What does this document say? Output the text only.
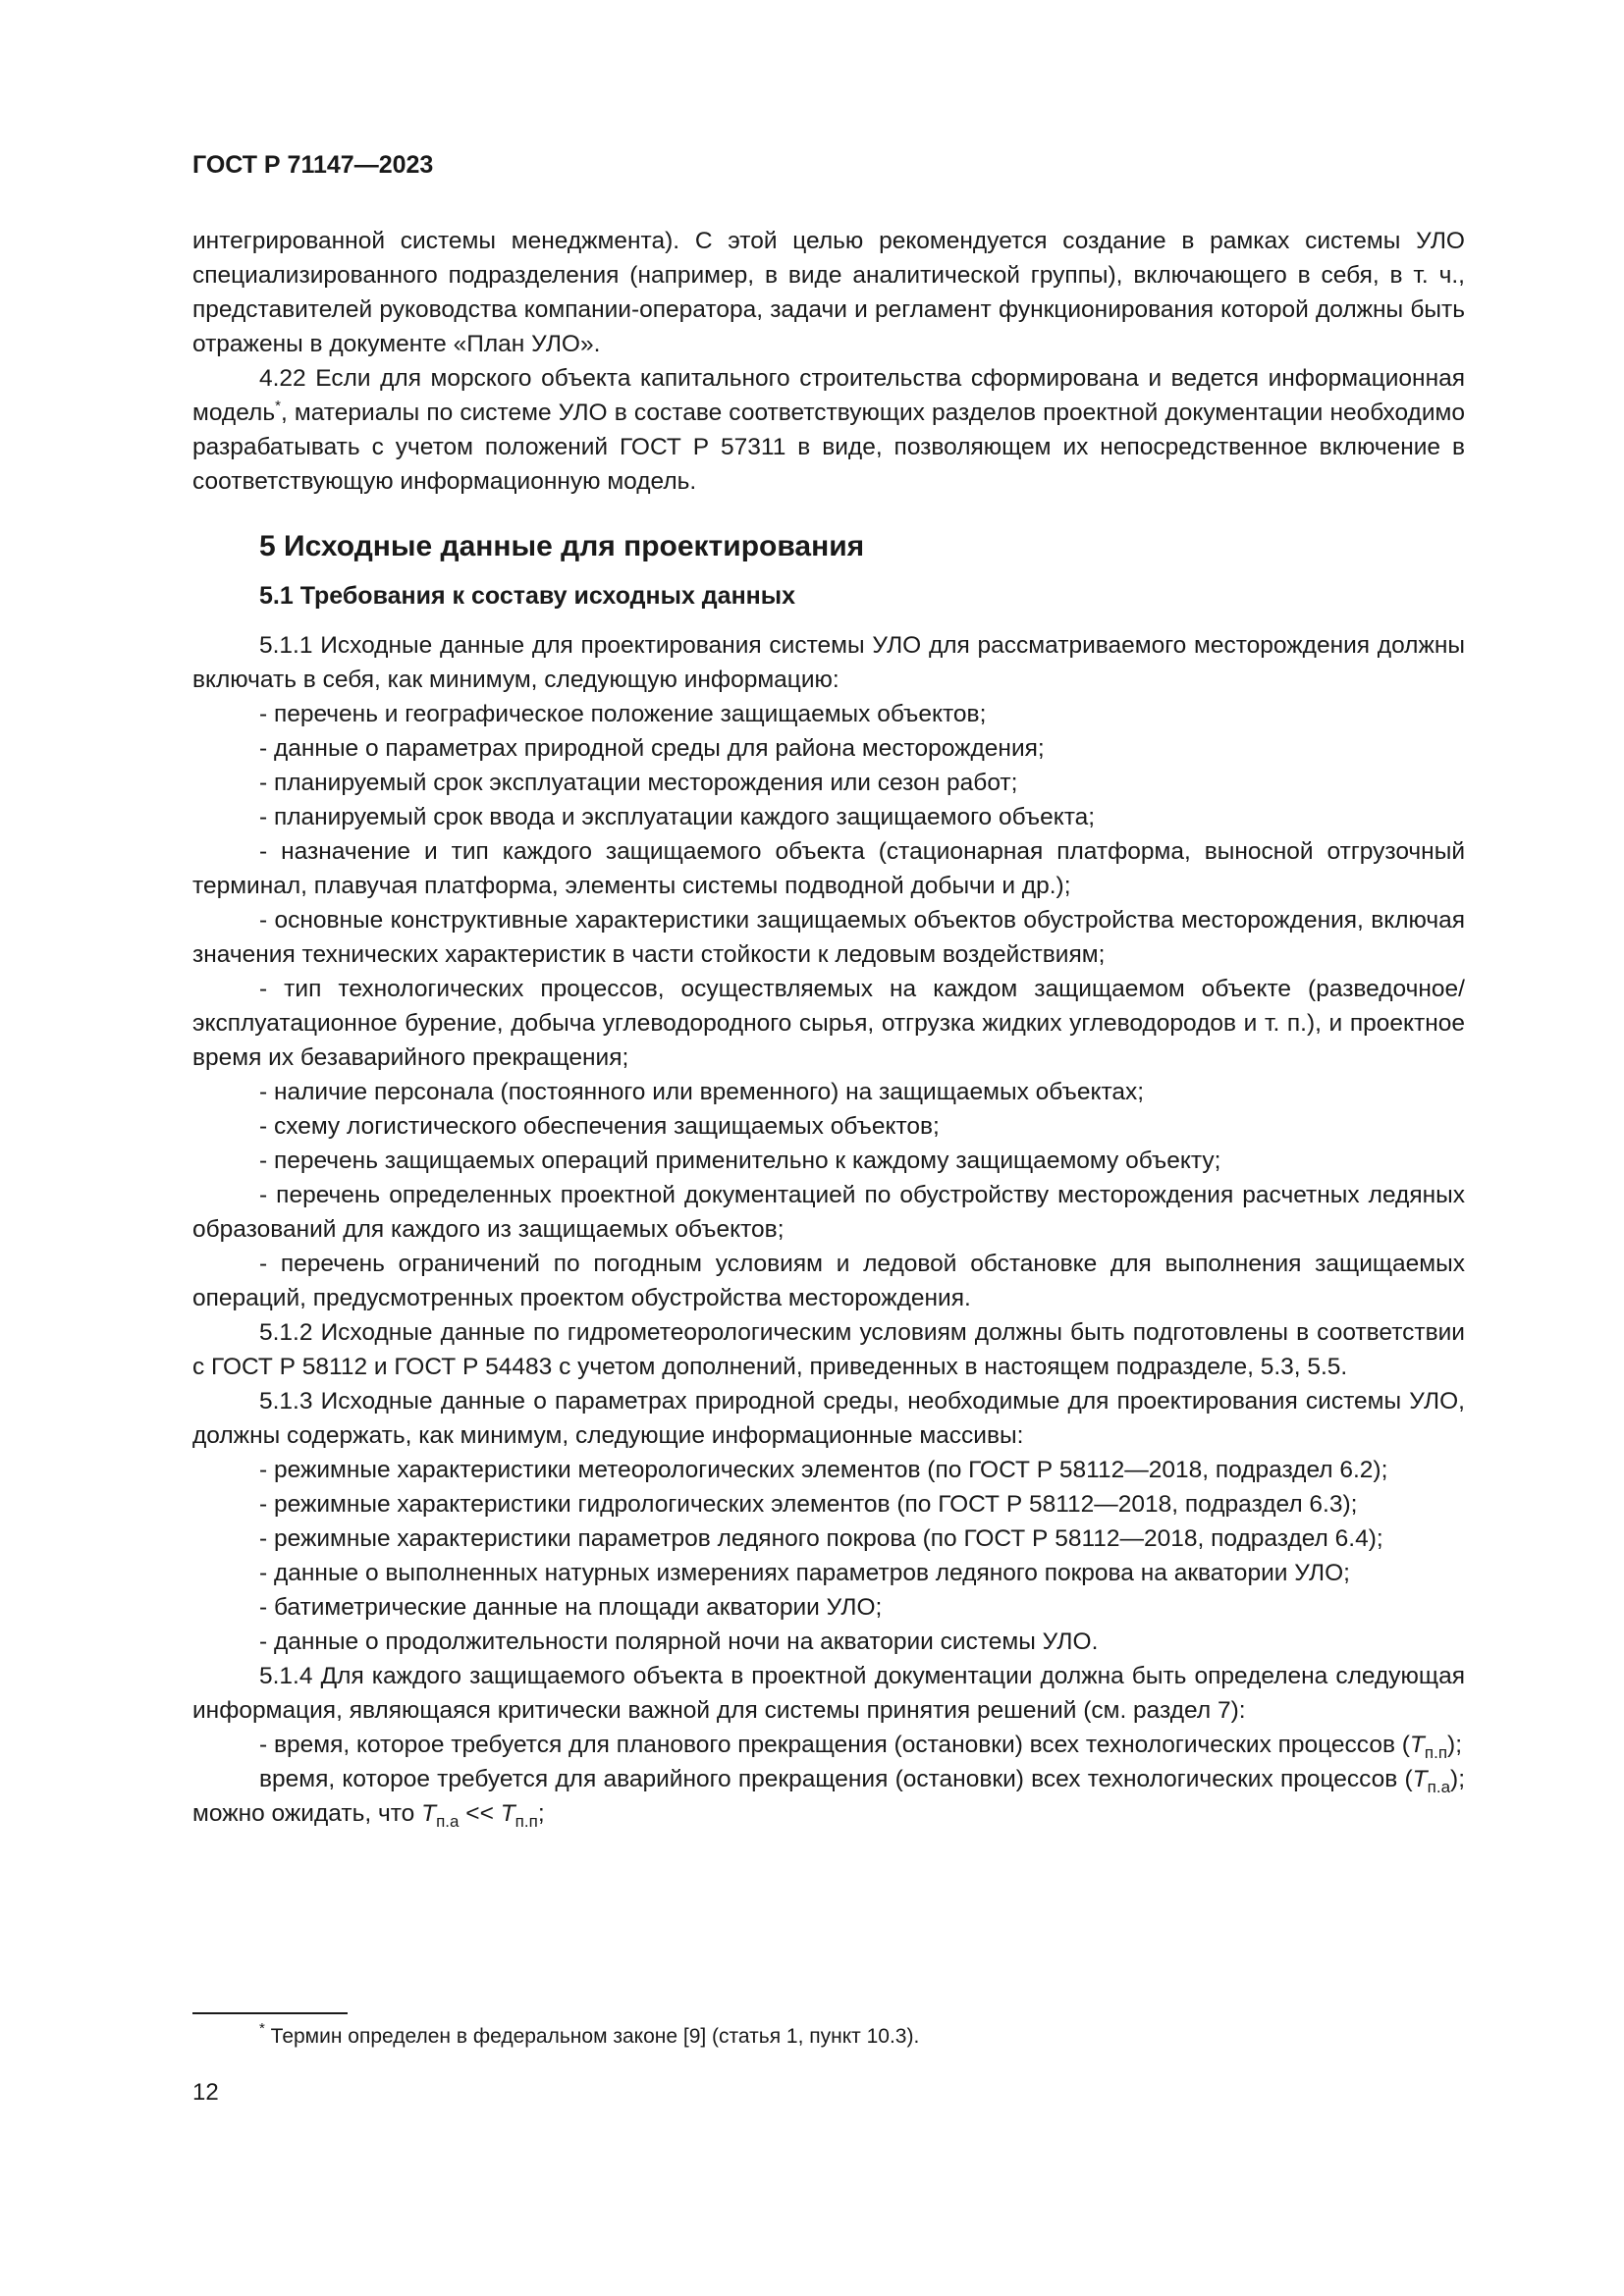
ГОСТ Р 71147—2023

интегрированной системы менеджмента). С этой целью рекомендуется создание в рамках системы УЛО специализированного подразделения (например, в виде аналитической группы), включающего в себя, в т. ч., представителей руководства компании-оператора, задачи и регламент функционирования которой должны быть отражены в документе «План УЛО».

4.22 Если для морского объекта капитального строительства сформирована и ведется информационная модель*, материалы по системе УЛО в составе соответствующих разделов проектной документации необходимо разрабатывать с учетом положений ГОСТ Р 57311 в виде, позволяющем их непосредственное включение в соответствующую информационную модель.

5 Исходные данные для проектирования
5.1 Требования к составу исходных данных

5.1.1 Исходные данные для проектирования системы УЛО для рассматриваемого месторождения должны включать в себя, как минимум, следующую информацию:

- перечень и географическое положение защищаемых объектов;

- данные о параметрах природной среды для района месторождения;

- планируемый срок эксплуатации месторождения или сезон работ;

- планируемый срок ввода и эксплуатации каждого защищаемого объекта;

- назначение и тип каждого защищаемого объекта (стационарная платформа, выносной отгрузочный терминал, плавучая платформа, элементы системы подводной добычи и др.);

- основные конструктивные характеристики защищаемых объектов обустройства месторождения, включая значения технических характеристик в части стойкости к ледовым воздействиям;

- тип технологических процессов, осуществляемых на каждом защищаемом объекте (разведочное/эксплуатационное бурение, добыча углеводородного сырья, отгрузка жидких углеводородов и т. п.), и проектное время их безаварийного прекращения;

- наличие персонала (постоянного или временного) на защищаемых объектах;

- схему логистического обеспечения защищаемых объектов;

- перечень защищаемых операций применительно к каждому защищаемому объекту;

- перечень определенных проектной документацией по обустройству месторождения расчетных ледяных образований для каждого из защищаемых объектов;

- перечень ограничений по погодным условиям и ледовой обстановке для выполнения защищаемых операций, предусмотренных проектом обустройства месторождения.

5.1.2 Исходные данные по гидрометеорологическим условиям должны быть подготовлены в соответствии с ГОСТ Р 58112 и ГОСТ Р 54483 с учетом дополнений, приведенных в настоящем подразделе, 5.3, 5.5.

5.1.3 Исходные данные о параметрах природной среды, необходимые для проектирования системы УЛО, должны содержать, как минимум, следующие информационные массивы:

- режимные характеристики метеорологических элементов (по ГОСТ Р 58112—2018, подраздел 6.2);

- режимные характеристики гидрологических элементов (по ГОСТ Р 58112—2018, подраздел 6.3);

- режимные характеристики параметров ледяного покрова (по ГОСТ Р 58112—2018, подраздел 6.4);

- данные о выполненных натурных измерениях параметров ледяного покрова на акватории УЛО;

- батиметрические данные на площади акватории УЛО;

- данные о продолжительности полярной ночи на акватории системы УЛО.

5.1.4 Для каждого защищаемого объекта в проектной документации должна быть определена следующая информация, являющаяся критически важной для системы принятия решений (см. раздел 7):

- время, которое требуется для планового прекращения (остановки) всех технологических процессов $(T_{п.п})$;

время, которое требуется для аварийного прекращения (остановки) всех технологических процессов $(T_{п.а})$; можно ожидать, что $T_{п.а} << T_{п.п}$;

* Термин определен в федеральном законе [9] (статья 1, пункт 10.3).

12
